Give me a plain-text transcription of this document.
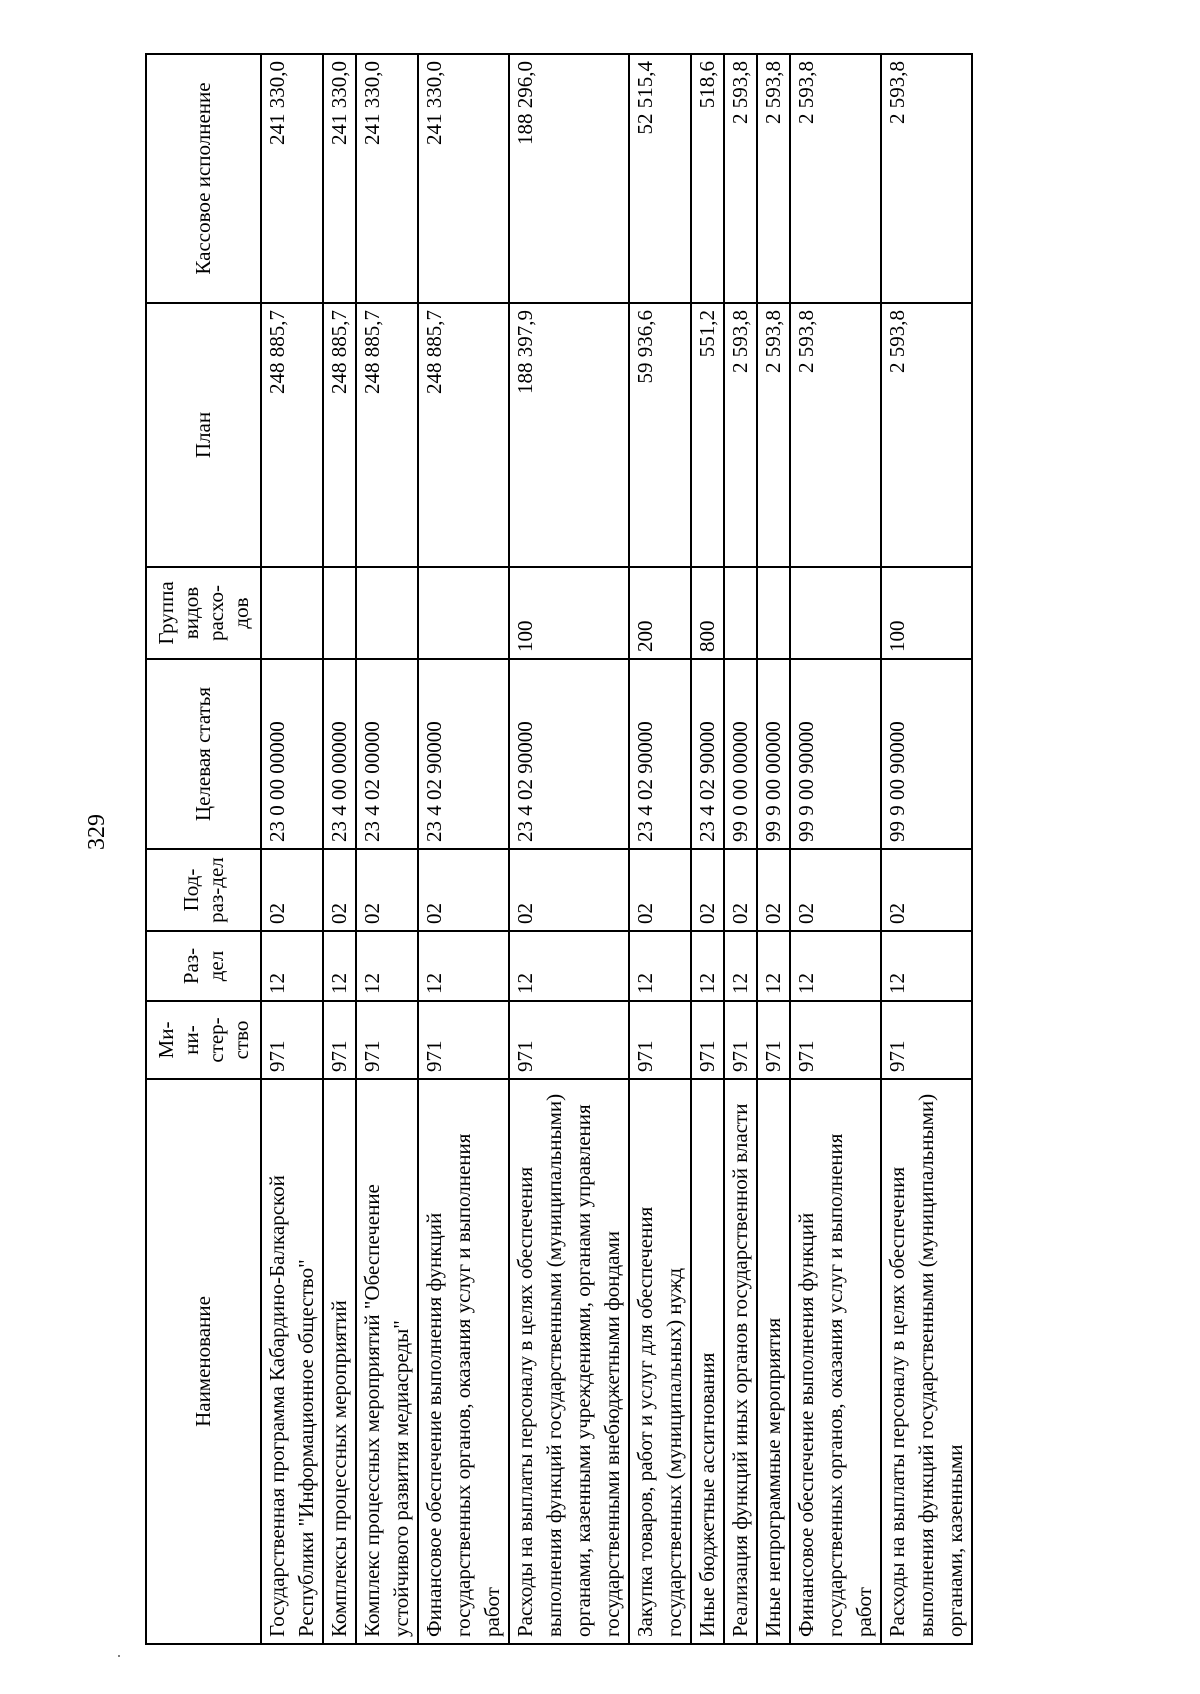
329
Наименование	Ми-ни-стер-ство	Раз-дел	Под-раз-дел	Целевая статья	Группа видов расхо-дов	План	Кассовое исполнение
Государственная программа Кабардино-Балкарской Республики "Информационное общество"	971	12	02	23 0 00 00000		248 885,7	241 330,0
Комплексы процессных мероприятий	971	12	02	23 4 00 00000		248 885,7	241 330,0
Комплекс процессных мероприятий "Обеспечение устойчивого развития медиасреды"	971	12	02	23 4 02 00000		248 885,7	241 330,0
Финансовое обеспечение выполнения функций государственных органов, оказания услуг и выполнения работ	971	12	02	23 4 02 90000		248 885,7	241 330,0
Расходы на выплаты персоналу в целях обеспечения выполнения функций государственными (муниципальными) органами, казенными учреждениями, органами управления государственными внебюджетными фондами	971	12	02	23 4 02 90000	100	188 397,9	188 296,0
Закупка товаров, работ и услуг для обеспечения государственных (муниципальных) нужд	971	12	02	23 4 02 90000	200	59 936,6	52 515,4
Иные бюджетные ассигнования	971	12	02	23 4 02 90000	800	551,2	518,6
Реализация функций иных органов государственной власти	971	12	02	99 0 00 00000		2 593,8	2 593,8
Иные непрограммные мероприятия	971	12	02	99 9 00 00000		2 593,8	2 593,8
Финансовое обеспечение выполнения функций государственных органов, оказания услуг и выполнения работ	971	12	02	99 9 00 90000		2 593,8	2 593,8
Расходы на выплаты персоналу в целях обеспечения выполнения функций государственными (муниципальными) органами, казенными	971	12	02	99 9 00 90000	100	2 593,8	2 593,8
